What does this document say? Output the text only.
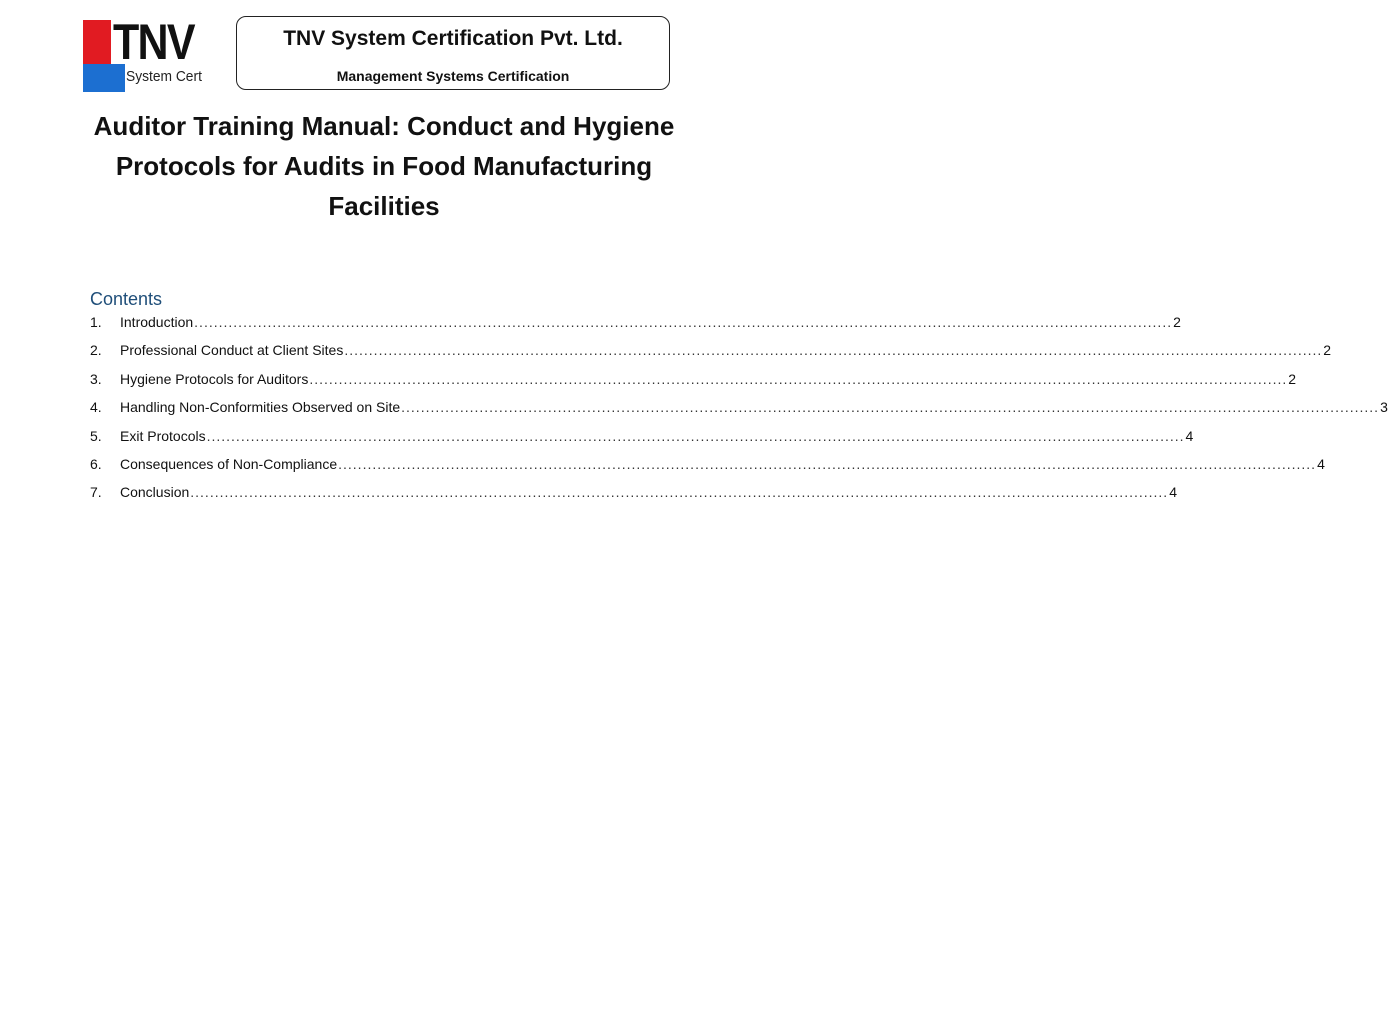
TNV
System Cert
TNV System Certification Pvt. Ltd.
Management Systems Certification
Auditor Training Manual: Conduct and Hygiene Protocols for Audits in Food Manufacturing Facilities
Contents
1.	Introduction ........................................................................................................................................................................................................ 2
2.	Professional Conduct at Client Sites ........................................................................................................................................................................................................ 2
3.	Hygiene Protocols for Auditors ........................................................................................................................................................................................................ 2
4.	Handling Non-Conformities Observed on Site ........................................................................................................................................................................................................ 3
5.	Exit Protocols ........................................................................................................................................................................................................ 4
6.	Consequences of Non-Compliance ........................................................................................................................................................................................................ 4
7.	Conclusion ........................................................................................................................................................................................................ 4
